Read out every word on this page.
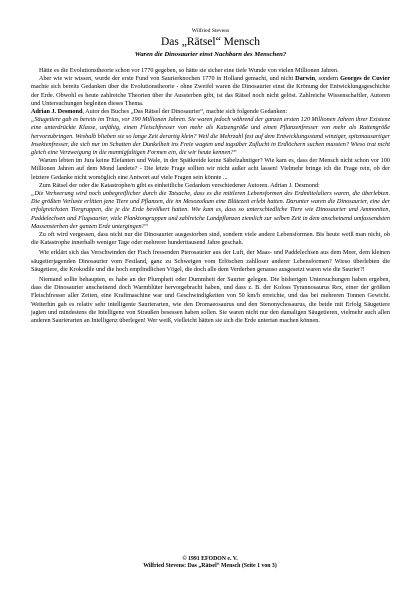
Wilfried Stevens
Das „Rätsel“ Mensch
Waren die Dinosaurier einst Nachbarn des Menschen?

Hätte es die Evolutionstheorie schon vor 1770 gegeben, so hätte sie sicher eine tiefe Wunde von vielen Millionen Jahren.

Aber wie wir wissen, wurde der erste Fund von Saurierknochen 1770 in Holland gemacht, und nicht Darwin, sondern Georges de Cuvier machte sich bereits Gedanken über die Evolutionstheorie - ohne Zweifel waren die Dinosaurier einst die Krönung der Entwicklungsgeschichte der Erde. Obwohl es heute zahlreiche Theorien über ihr Aussterben gibt, ist das Rätsel noch nicht gelöst. Zahlreiche Wissenschaftler, Autoren und Untersuchungen begleiten dieses Thema.

Adrian J. Desmond, Autor des Buches „Das Rätsel der Dinosaurier“, machte sich folgende Gedanken:

„Säugetiere gab es bereits im Trias, vor 190 Millionen Jahren. Sie waren jedoch während der ganzen ersten 120 Millionen Jahren ihrer Existenz eine unterdrückte Klasse, unfähig, einen Fleischfresser von mehr als Katzengröße und einen Pflanzenfresser von mehr als Rattengröße hervorzubringen. Weshalb blieben sie so lange Zeit derartig klein? Weil die Mehrzahl fest auf dem Entwicklungsstand winziger, spitzmausartiger Insektenfresser, die sich nur im Schatten der Dunkelheit ins Freie wagten und tagsüber Zuflucht in Erdlöchern suchen mussten? Wieso trat nicht gleich eine Verzweigung in die mannigfaltigen Formen ein, die wir heute kennen?“

Warum lebten im Jura keine Elefanten und Wale, in der Spätkreide keine Säbelzahntiger? Wie kam es, dass der Mensch nicht schon vor 100 Millionen Jahren auf dem Mond landete? - Die letzte Frage sollten wir nicht außer acht lassen! Vielmehr bringe ich die Frage rein, ob der letztere Gedanke nicht womöglich eine Antwort auf viele Fragen sein könnte ...

Zum Rätsel der oder die Katastrophe/n gibt es einheitliche Gedanken verschiedener Autoren. Adrian J. Desmond:

„Die Verheerung wird noch unbegreiflicher durch die Tatsache, dass es die mittleren Lebensformen des Erdmittelalters waren, die überlebten. Die größten Verluste erlitten jene Tiere und Pflanzen, die im Mesozoikum eine Blütezeit erlebt hatten. Darunter waren die Dinosaurier, eine der erfolgreichsten Tiergruppen, die je die Erde bevölkert hatten. Wie kam es, dass so unterschiedliche Tiere wie Dinosaurier und Ammoniten, Paddelechsen und Flugsaurier, viele Planktongruppen und zahlreiche Landpflanzen ziemlich zur selben Zeit in dem anscheinend umfassendsten Massensterben der ganzen Erde untergingen?“

Zu oft wird vergessen, dass nicht nur die Dinosaurier ausgestorben sind, sondern viele andere Lebensformen. Bis heute weiß man nicht, ob die Katastrophe innerhalb weniger Tage oder mehrerer hunderttausend Jahre geschah.

Wie erklärt sich das Verschwinden der Fisch fressenden Pterosaurier aus der Luft, der Maas- und Paddelechsen aus dem Meer, dem kleinen säugetierjagenden Dinosaurier vom Festland, ganz zu Schweigen vom Erlöschen zahlloser anderer Lebensformen? Wieso überlebten die Säugetiere, die Krokodile und die hoch empfindlichen Vögel, die doch alle dem Verderben genauso ausgesetzt waren wie die Saurier?!

Niemand sollte behaupten, es habe an der Plumpheit oder Dummheit der Saurier gelegen. Die bisherigen Untersuchungen haben ergeben, dass die Dinosaurier anscheinend doch Warmblüter hervorgebracht haben, und dass z. B. der Koloss Tyrannosaurus Rex, einer der größten Fleischfresser aller Zeiten, eine Kraftmaschine war und Geschwindigkeiten von 50 km/h erreichte, und das bei mehreren Tonnen Gewicht. Weiterhin gab es relativ sehr intelligente Saurierarten, wie den Dromaeosaurus und den Stenonychosaurus, die beide mit Erfolg Säugetiere jagten und mindestens die Intelligenz von Straußen besessen haben sollen. Sie waren nicht nur den damaligen Säugetieren, vielmehr auch allen anderen Saurierarten an Intelligenz überlegen! Wer weiß, vielleicht hätten sie sich die Erde untertan machen können.

© 1991 EFODON e. V.
Wilfried Stevens: Das „Rätsel“ Mensch (Seite 1 von 3)
